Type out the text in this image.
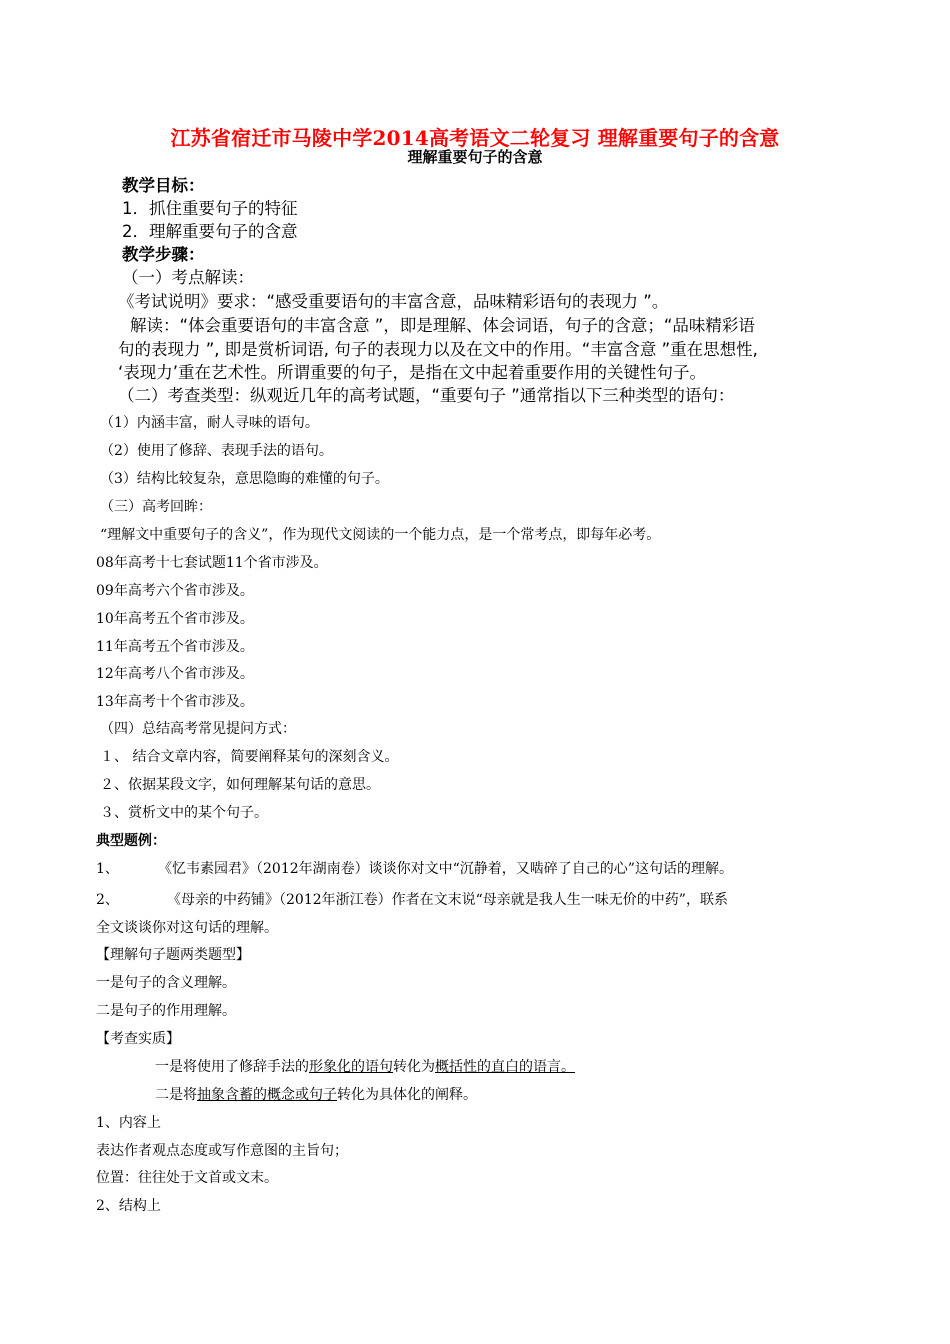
江苏省宿迁市马陵中学2014高考语文二轮复习 理解重要句子的含意
理解重要句子的含意
教学目标：
1．抓住重要句子的特征
2．理解重要句子的含意
教学步骤：
（一）考点解读：
《考试说明》要求：“感受重要语句的丰富含意，品味精彩语句的表现力 ”。
解读：“体会重要语句的丰富含意 ”，即是理解、体会词语，句子的含意；“品味精彩语
句的表现力 ”, 即是赏析词语, 句子的表现力以及在文中的作用。“丰富含意 ”重在思想性,
‘表现力’重在艺术性。所谓重要的句子，是指在文中起着重要作用的关键性句子。
（二）考查类型：纵观近几年的高考试题，“重要句子 ”通常指以下三种类型的语句：
（1）内涵丰富，耐人寻味的语句。
（2）使用了修辞、表现手法的语句。
（3）结构比较复杂，意思隐晦的难懂的句子。
（三）高考回眸：
“理解文中重要句子的含义”，作为现代文阅读的一个能力点，是一个常考点，即每年必考。
08年高考十七套试题11个省市涉及。
09年高考六个省市涉及。
10年高考五个省市涉及。
11年高考五个省市涉及。
12年高考八个省市涉及。
13年高考十个省市涉及。
（四）总结高考常见提问方式：
１、 结合文章内容，简要阐释某句的深刻含义。
２、依据某段文字，如何理解某句话的意思。
３、赏析文中的某个句子。
典型题例：
1、	《忆韦素园君》（2012年湖南卷）谈谈你对文中“沉静着，又啮碎了自己的心”这句话的理解。
2、	《母亲的中药铺》（2012年浙江卷）作者在文末说“母亲就是我人生一味无价的中药”，联系
全文谈谈你对这句话的理解。
【理解句子题两类题型】
一是句子的含义理解。
二是句子的作用理解。
【考查实质】
一是将使用了修辞手法的形象化的语句转化为概括性的直白的语言。
二是将抽象含蓄的概念或句子转化为具体化的阐释。
1、内容上
表达作者观点态度或写作意图的主旨句；
位置：往往处于文首或文末。
2、结构上
